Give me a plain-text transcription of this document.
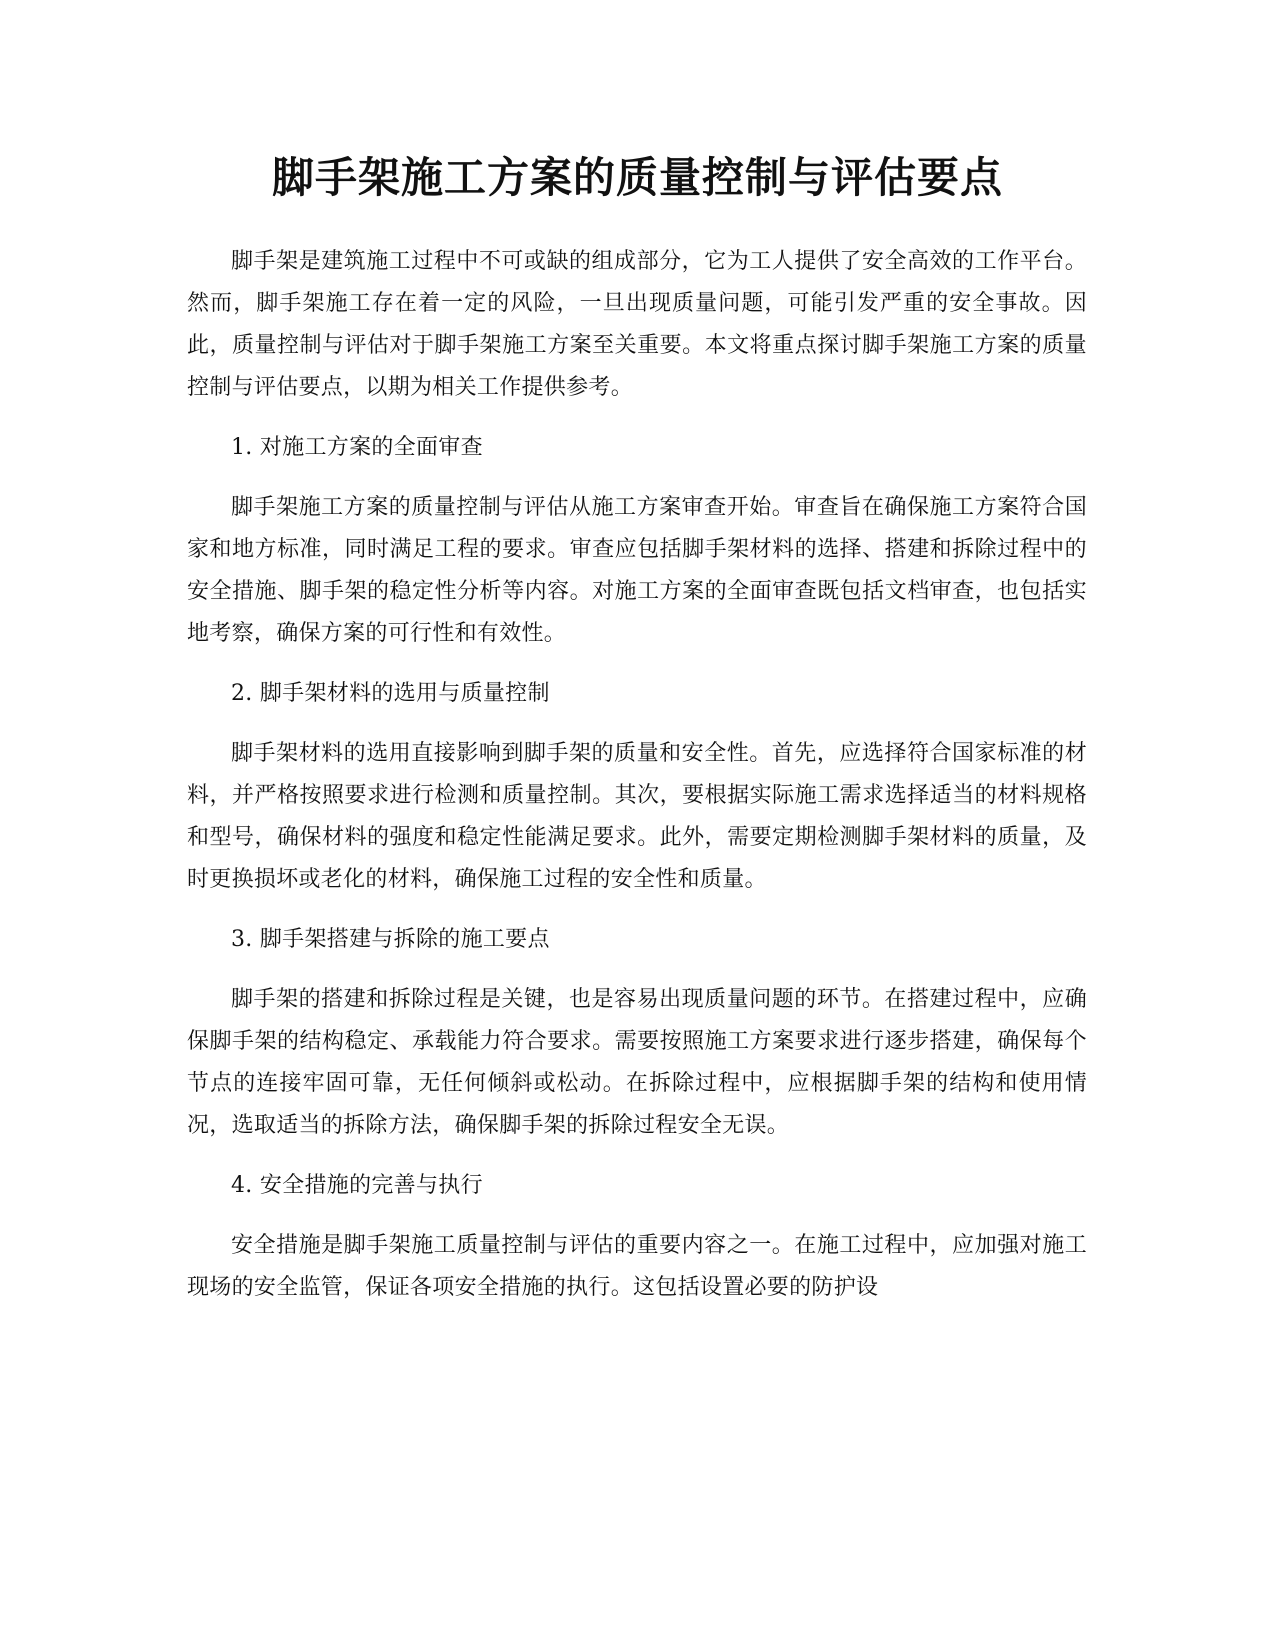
脚手架施工方案的质量控制与评估要点

脚手架是建筑施工过程中不可或缺的组成部分，它为工人提供了安全高效的工作平台。然而，脚手架施工存在着一定的风险，一旦出现质量问题，可能引发严重的安全事故。因此，质量控制与评估对于脚手架施工方案至关重要。本文将重点探讨脚手架施工方案的质量控制与评估要点，以期为相关工作提供参考。

1. 对施工方案的全面审查

脚手架施工方案的质量控制与评估从施工方案审查开始。审查旨在确保施工方案符合国家和地方标准，同时满足工程的要求。审查应包括脚手架材料的选择、搭建和拆除过程中的安全措施、脚手架的稳定性分析等内容。对施工方案的全面审查既包括文档审查，也包括实地考察，确保方案的可行性和有效性。

2. 脚手架材料的选用与质量控制

脚手架材料的选用直接影响到脚手架的质量和安全性。首先，应选择符合国家标准的材料，并严格按照要求进行检测和质量控制。其次，要根据实际施工需求选择适当的材料规格和型号，确保材料的强度和稳定性能满足要求。此外，需要定期检测脚手架材料的质量，及时更换损坏或老化的材料，确保施工过程的安全性和质量。

3. 脚手架搭建与拆除的施工要点

脚手架的搭建和拆除过程是关键，也是容易出现质量问题的环节。在搭建过程中，应确保脚手架的结构稳定、承载能力符合要求。需要按照施工方案要求进行逐步搭建，确保每个节点的连接牢固可靠，无任何倾斜或松动。在拆除过程中，应根据脚手架的结构和使用情况，选取适当的拆除方法，确保脚手架的拆除过程安全无误。

4. 安全措施的完善与执行

安全措施是脚手架施工质量控制与评估的重要内容之一。在施工过程中，应加强对施工现场的安全监管，保证各项安全措施的执行。这包括设置必要的防护设
